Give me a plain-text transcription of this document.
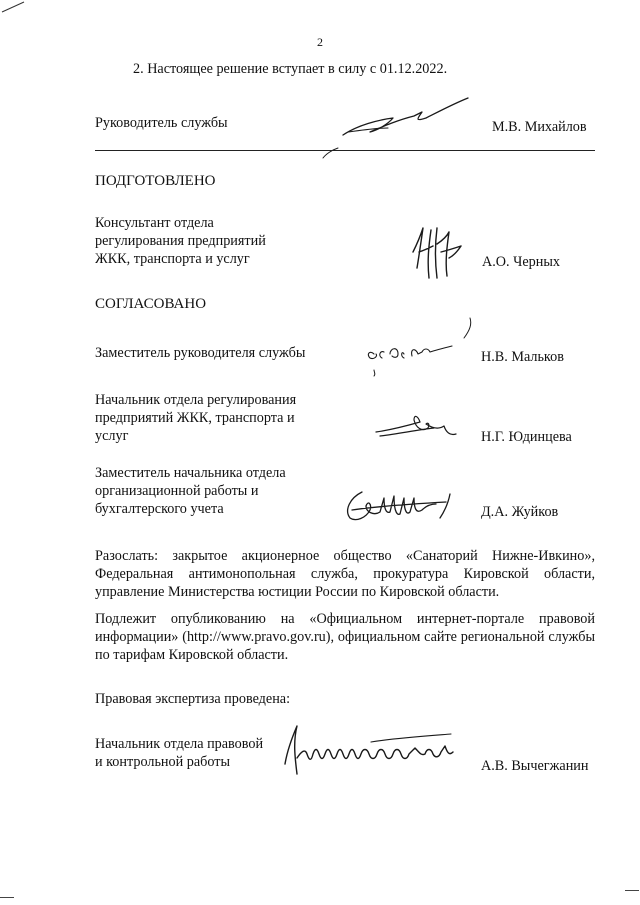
2
2. Настоящее решение вступает в силу с 01.12.2022.
Руководитель службы	М.В. Михайлов
ПОДГОТОВЛЕНО
Консультант отдела
регулирования предприятий
ЖКК, транспорта и услуг	А.О. Черных
СОГЛАСОВАНО
Заместитель руководителя службы	Н.В. Мальков
Начальник отдела регулирования
предприятий ЖКК, транспорта и
услуг	Н.Г. Юдинцева
Заместитель начальника отдела
организационной работы и
бухгалтерского учета	Д.А. Жуйков
Разослать: закрытое акционерное общество «Санаторий Нижне-Ивкино», Федеральная антимонопольная служба, прокуратура Кировской области, управление Министерства юстиции России по Кировской области.
Подлежит опубликованию на «Официальном интернет-портале правовой информации» (http://www.pravo.gov.ru), официальном сайте региональной службы по тарифам Кировской области.
Правовая экспертиза проведена:
Начальник отдела правовой
и контрольной работы	А.В. Вычегжанин
